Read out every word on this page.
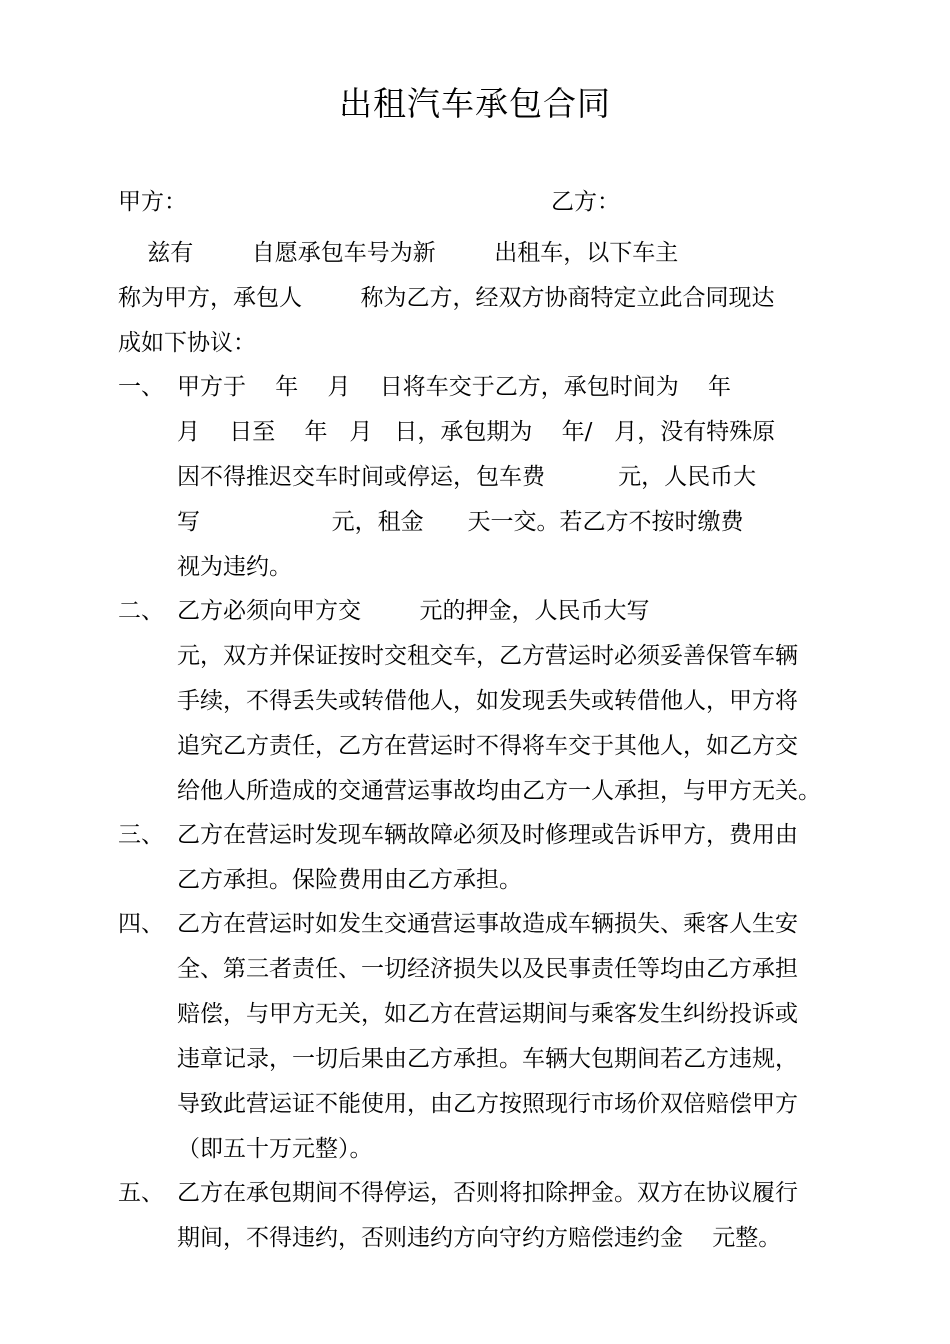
出租汽车承包合同
甲方：	乙方：
兹有        自愿承包车号为新        出租车，以下车主
称为甲方，承包人        称为乙方，经双方协商特定立此合同现达
成如下协议：
一、 甲方于    年    月    日将车交于乙方，承包时间为    年
月    日至    年   月   日，承包期为    年/   月，没有特殊原
因不得推迟交车时间或停运，包车费          元，人民币大
写                  元，租金      天一交。若乙方不按时缴费
视为违约。
二、 乙方必须向甲方交        元的押金，人民币大写
元，双方并保证按时交租交车，乙方营运时必须妥善保管车辆
手续，不得丢失或转借他人，如发现丢失或转借他人，甲方将
追究乙方责任，乙方在营运时不得将车交于其他人，如乙方交
给他人所造成的交通营运事故均由乙方一人承担，与甲方无关。
三、 乙方在营运时发现车辆故障必须及时修理或告诉甲方，费用由
乙方承担。保险费用由乙方承担。
四、 乙方在营运时如发生交通营运事故造成车辆损失、乘客人生安
全、第三者责任、一切经济损失以及民事责任等均由乙方承担
赔偿，与甲方无关，如乙方在营运期间与乘客发生纠纷投诉或
违章记录，一切后果由乙方承担。车辆大包期间若乙方违规，
导致此营运证不能使用，由乙方按照现行市场价双倍赔偿甲方
（即五十万元整）。
五、 乙方在承包期间不得停运，否则将扣除押金。双方在协议履行
期间，不得违约，否则违约方向守约方赔偿违约金    元整。
